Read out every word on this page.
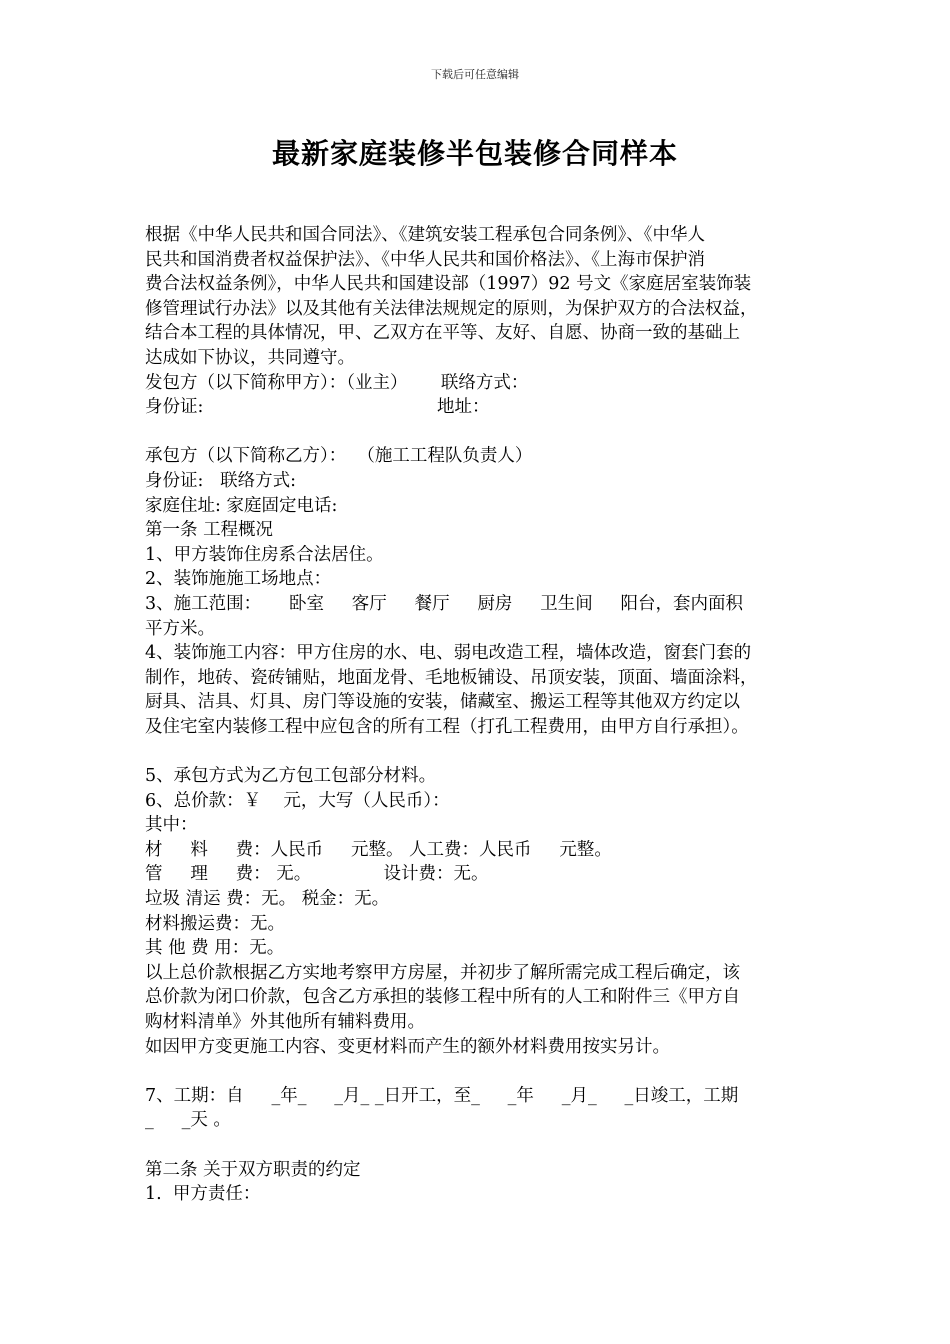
下载后可任意编辑
最新家庭装修半包装修合同样本
根据《中华人民共和国合同法》、《建筑安装工程承包合同条例》、《中华人
民共和国消费者权益保护法》、《中华人民共和国价格法》、《上海市保护消
费合法权益条例》，中华人民共和国建设部（1997）92 号文《家庭居室装饰装
修管理试行办法》以及其他有关法律法规规定的原则，为保护双方的合法权益，
结合本工程的具体情况，甲、乙双方在平等、友好、自愿、协商一致的基础上
达成如下协议，共同遵守。
发包方（以下简称甲方）：（业主）      联络方式：
身份证:                                          地址：
承包方（以下简称乙方）：  （施工工程队负责人）
身份证:   联络方式:
家庭住址: 家庭固定电话:
第一条 工程概况
1、甲方装饰住房系合法居住。
2、装饰施施工场地点：
3、施工范围：     卧室     客厅     餐厅     厨房     卫生间     阳台，套内面积
平方米。
4、装饰施工内容：甲方住房的水、电、弱电改造工程，墙体改造，窗套门套的
制作，地砖、瓷砖铺贴，地面龙骨、毛地板铺设、吊顶安装，顶面、墙面涂料，
厨具、洁具、灯具、房门等设施的安装，储藏室、搬运工程等其他双方约定以
及住宅室内装修工程中应包含的所有工程（打孔工程费用，由甲方自行承担）。
5、承包方式为乙方包工包部分材料。
6、总价款：￥    元，大写（人民币）：
其中：
材     料     费：人民币     元整。 人工费：人民币     元整。
管     理     费： 无。             设计费：无。
垃圾 清运 费：无。 税金：无。
材料搬运费：无。
其 他 费 用：无。
以上总价款根据乙方实地考察甲方房屋，并初步了解所需完成工程后确定，该
总价款为闭口价款，包含乙方承担的装修工程中所有的人工和附件三《甲方自
购材料清单》外其他所有辅料费用。
如因甲方变更施工内容、变更材料而产生的额外材料费用按实另计。
7、工期：自     _年_     _月_ _日开工，至_     _年     _月_     _日竣工，工期
_     _天 。
第二条 关于双方职责的约定
1.  甲方责任：
